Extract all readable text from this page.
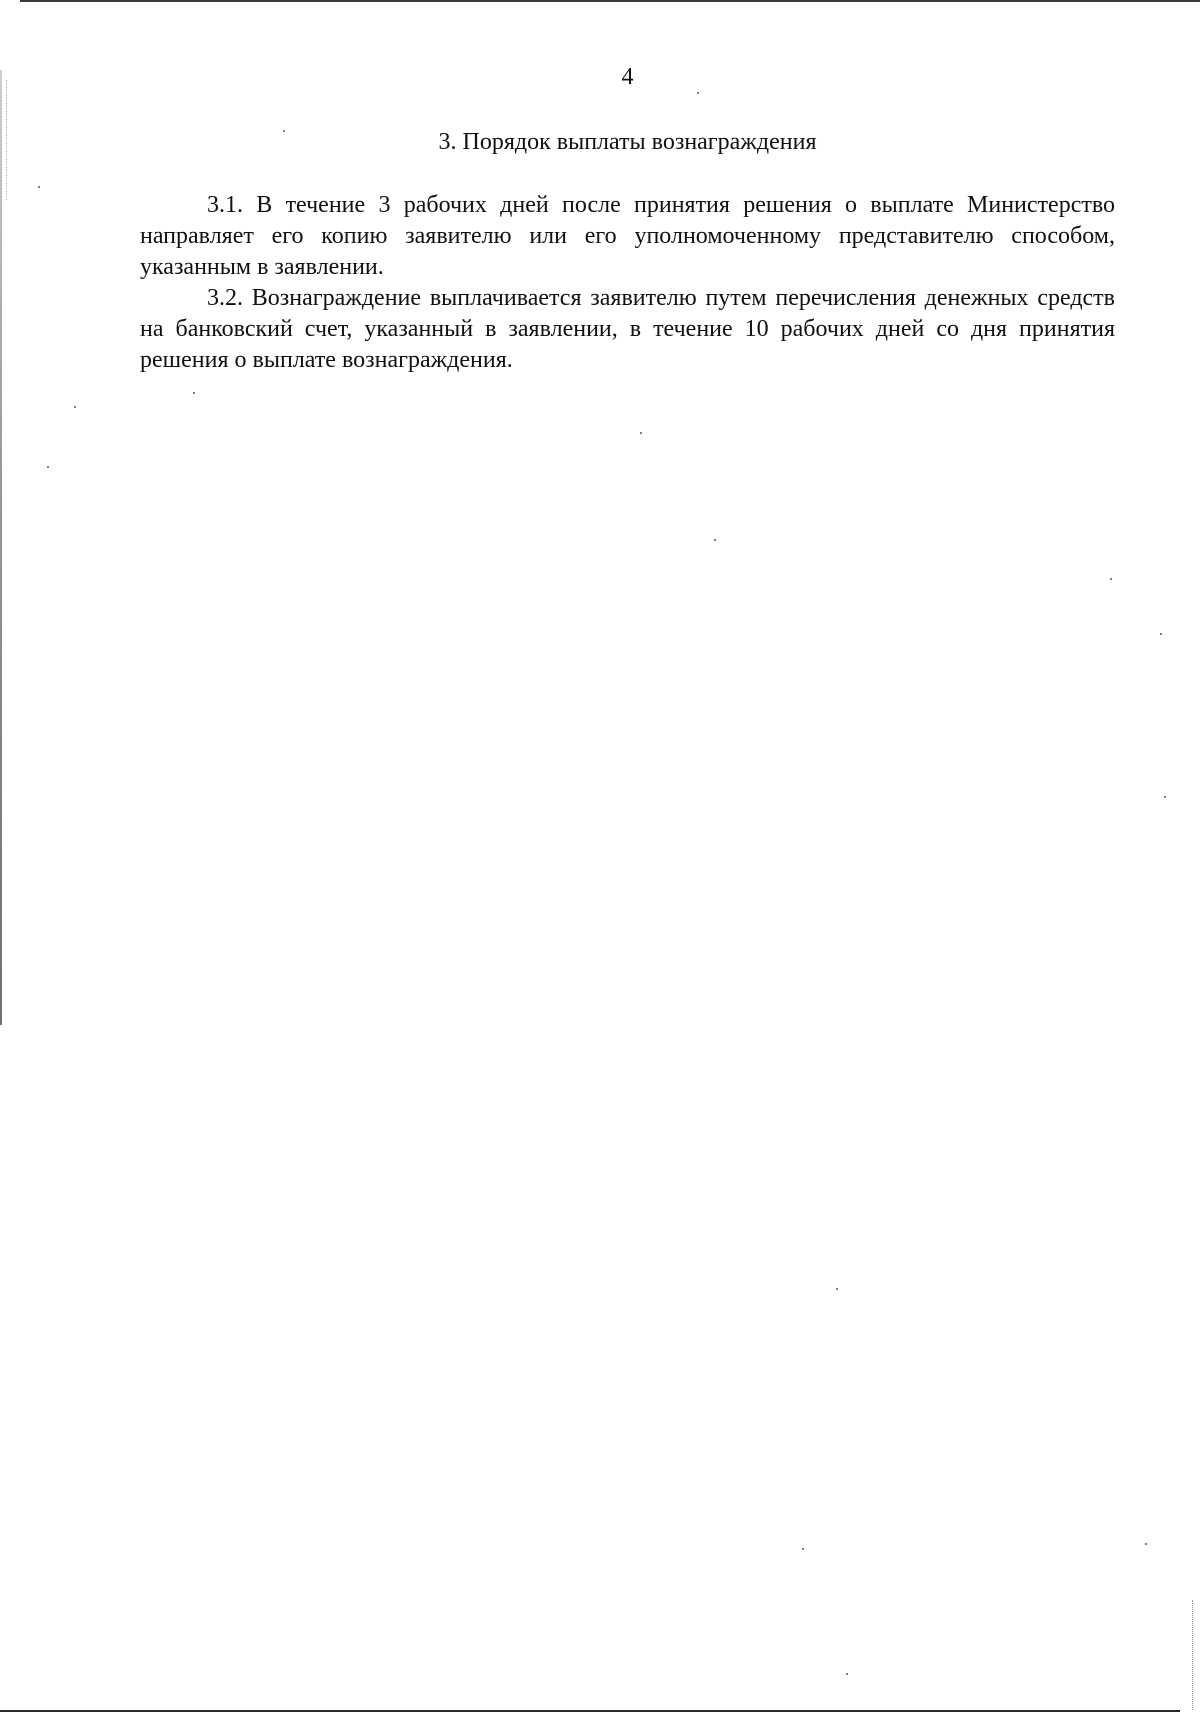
4
3. Порядок выплаты вознаграждения

3.1. В течение 3 рабочих дней после принятия решения о выплате Министерство направляет его копию заявителю или его уполномоченному представителю способом, указанным в заявлении.

3.2. Вознаграждение выплачивается заявителю путем перечисления денежных средств на банковский счет, указанный в заявлении, в течение 10 рабочих дней со дня принятия решения о выплате вознаграждения.
